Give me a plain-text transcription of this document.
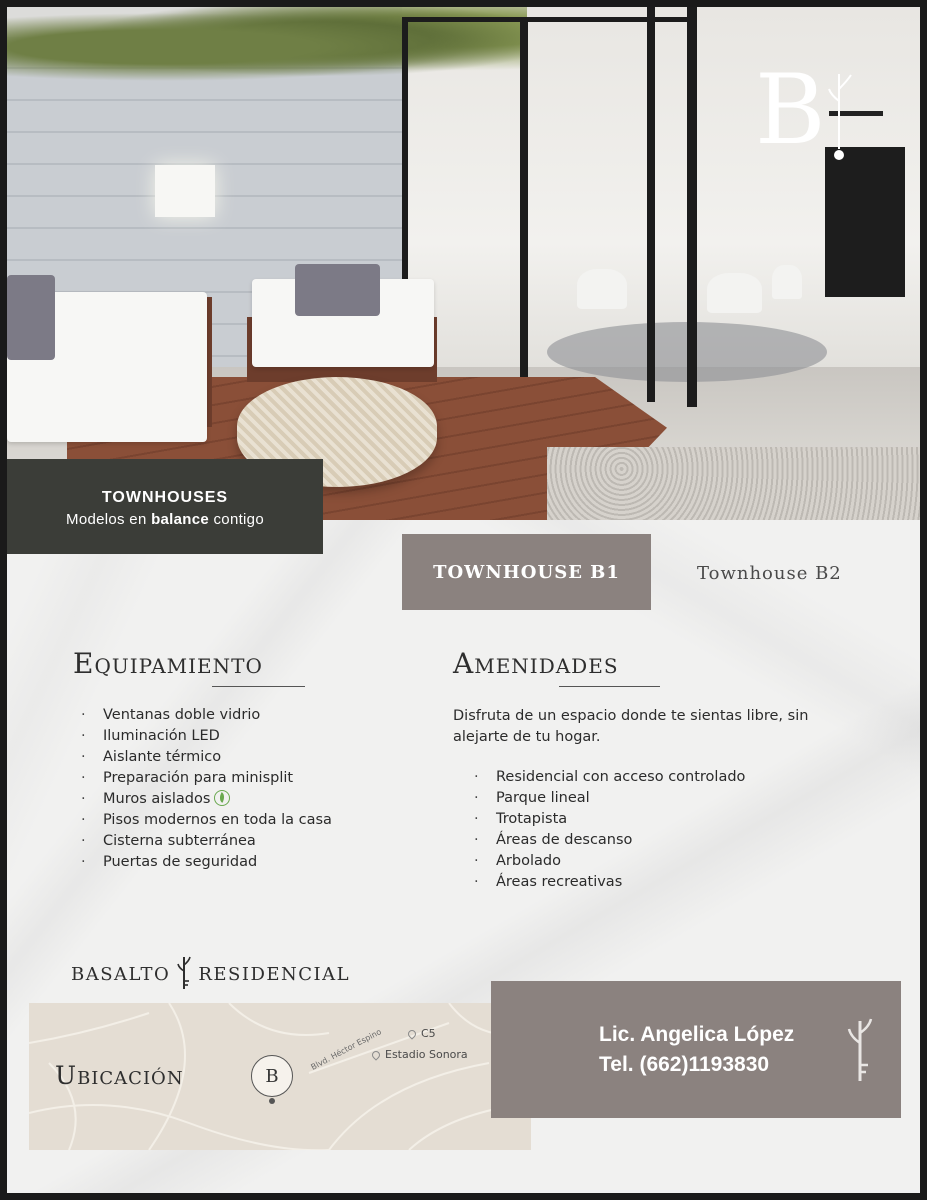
B
TOWNHOUSES
Modelos en balance contigo
TOWNHOUSE B1	Townhouse B2
Equipamiento
· Ventanas doble vidrio
· Iluminación LED
· Aislante térmico
· Preparación para minisplit
· Muros aislados
· Pisos modernos en toda la casa
· Cisterna subterránea
· Puertas de seguridad
Amenidades
Disfruta de un espacio donde te sientas libre, sin alejarte de tu hogar.
· Residencial con acceso controlado
· Parque lineal
· Trotapista
· Áreas de descanso
· Arbolado
· Áreas recreativas
BASALTO RESIDENCIAL
Ubicación
Blvd. Héctor Espino	C5
Estadio Sonora
B
Lic. Angelica López
Tel. (662)1193830
